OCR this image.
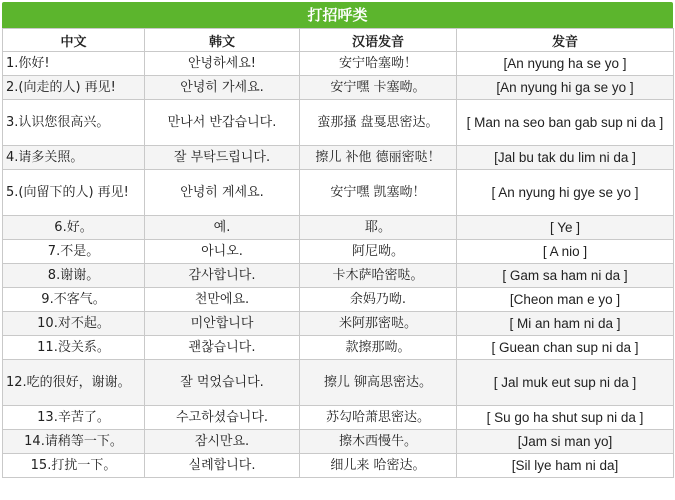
打招呼类
中文	韩文	汉语发音	发音
1.你好!	안녕하세요!	安宁哈塞呦！	[An nyung ha se yo ]
2.(向走的人) 再见!	안녕히 가세요.	安宁嘿 卡塞呦。	[An nyung hi ga se yo ]
3.认识您很高兴。	만나서 반갑습니다.	蛮那搔 盘戛思密达。	[ Man na seo ban gab sup ni da ]
4.请多关照。	잘 부탁드립니다.	擦儿 补他 德丽密哒！	[Jal bu tak du lim ni da ]
5.(向留下的人) 再见!	안녕히 계세요.	安宁嘿 凯塞呦！	[ An nyung hi gye se yo ]
6.好。	예.	耶。	[ Ye ]
7.不是。	아니오.	阿尼呦。	[ A nio ]
8.谢谢。	감사합니다.	卡木萨哈密哒。	[ Gam sa ham ni da ]
9.不客气。	천만에요.	余妈乃呦.	[Cheon man e yo ]
10.对不起。	미안합니다	米阿那密哒。	[ Mi an ham ni da ]
11.没关系。	괜찮습니다.	款擦那呦。	[ Guean chan sup ni da ]
12.吃的很好，谢谢。	잘 먹었습니다.	擦儿 铆高思密达。	[ Jal muk eut sup ni da ]
13.辛苦了。	수고하셨습니다.	苏勾哈萧思密达。	[ Su go ha shut sup ni da ]
14.请稍等一下。	잠시만요.	擦木西慢牛。	[Jam si man yo]
15.打扰一下。	실례합니다.	细儿来 哈密达。	[Sil lye ham ni da]
